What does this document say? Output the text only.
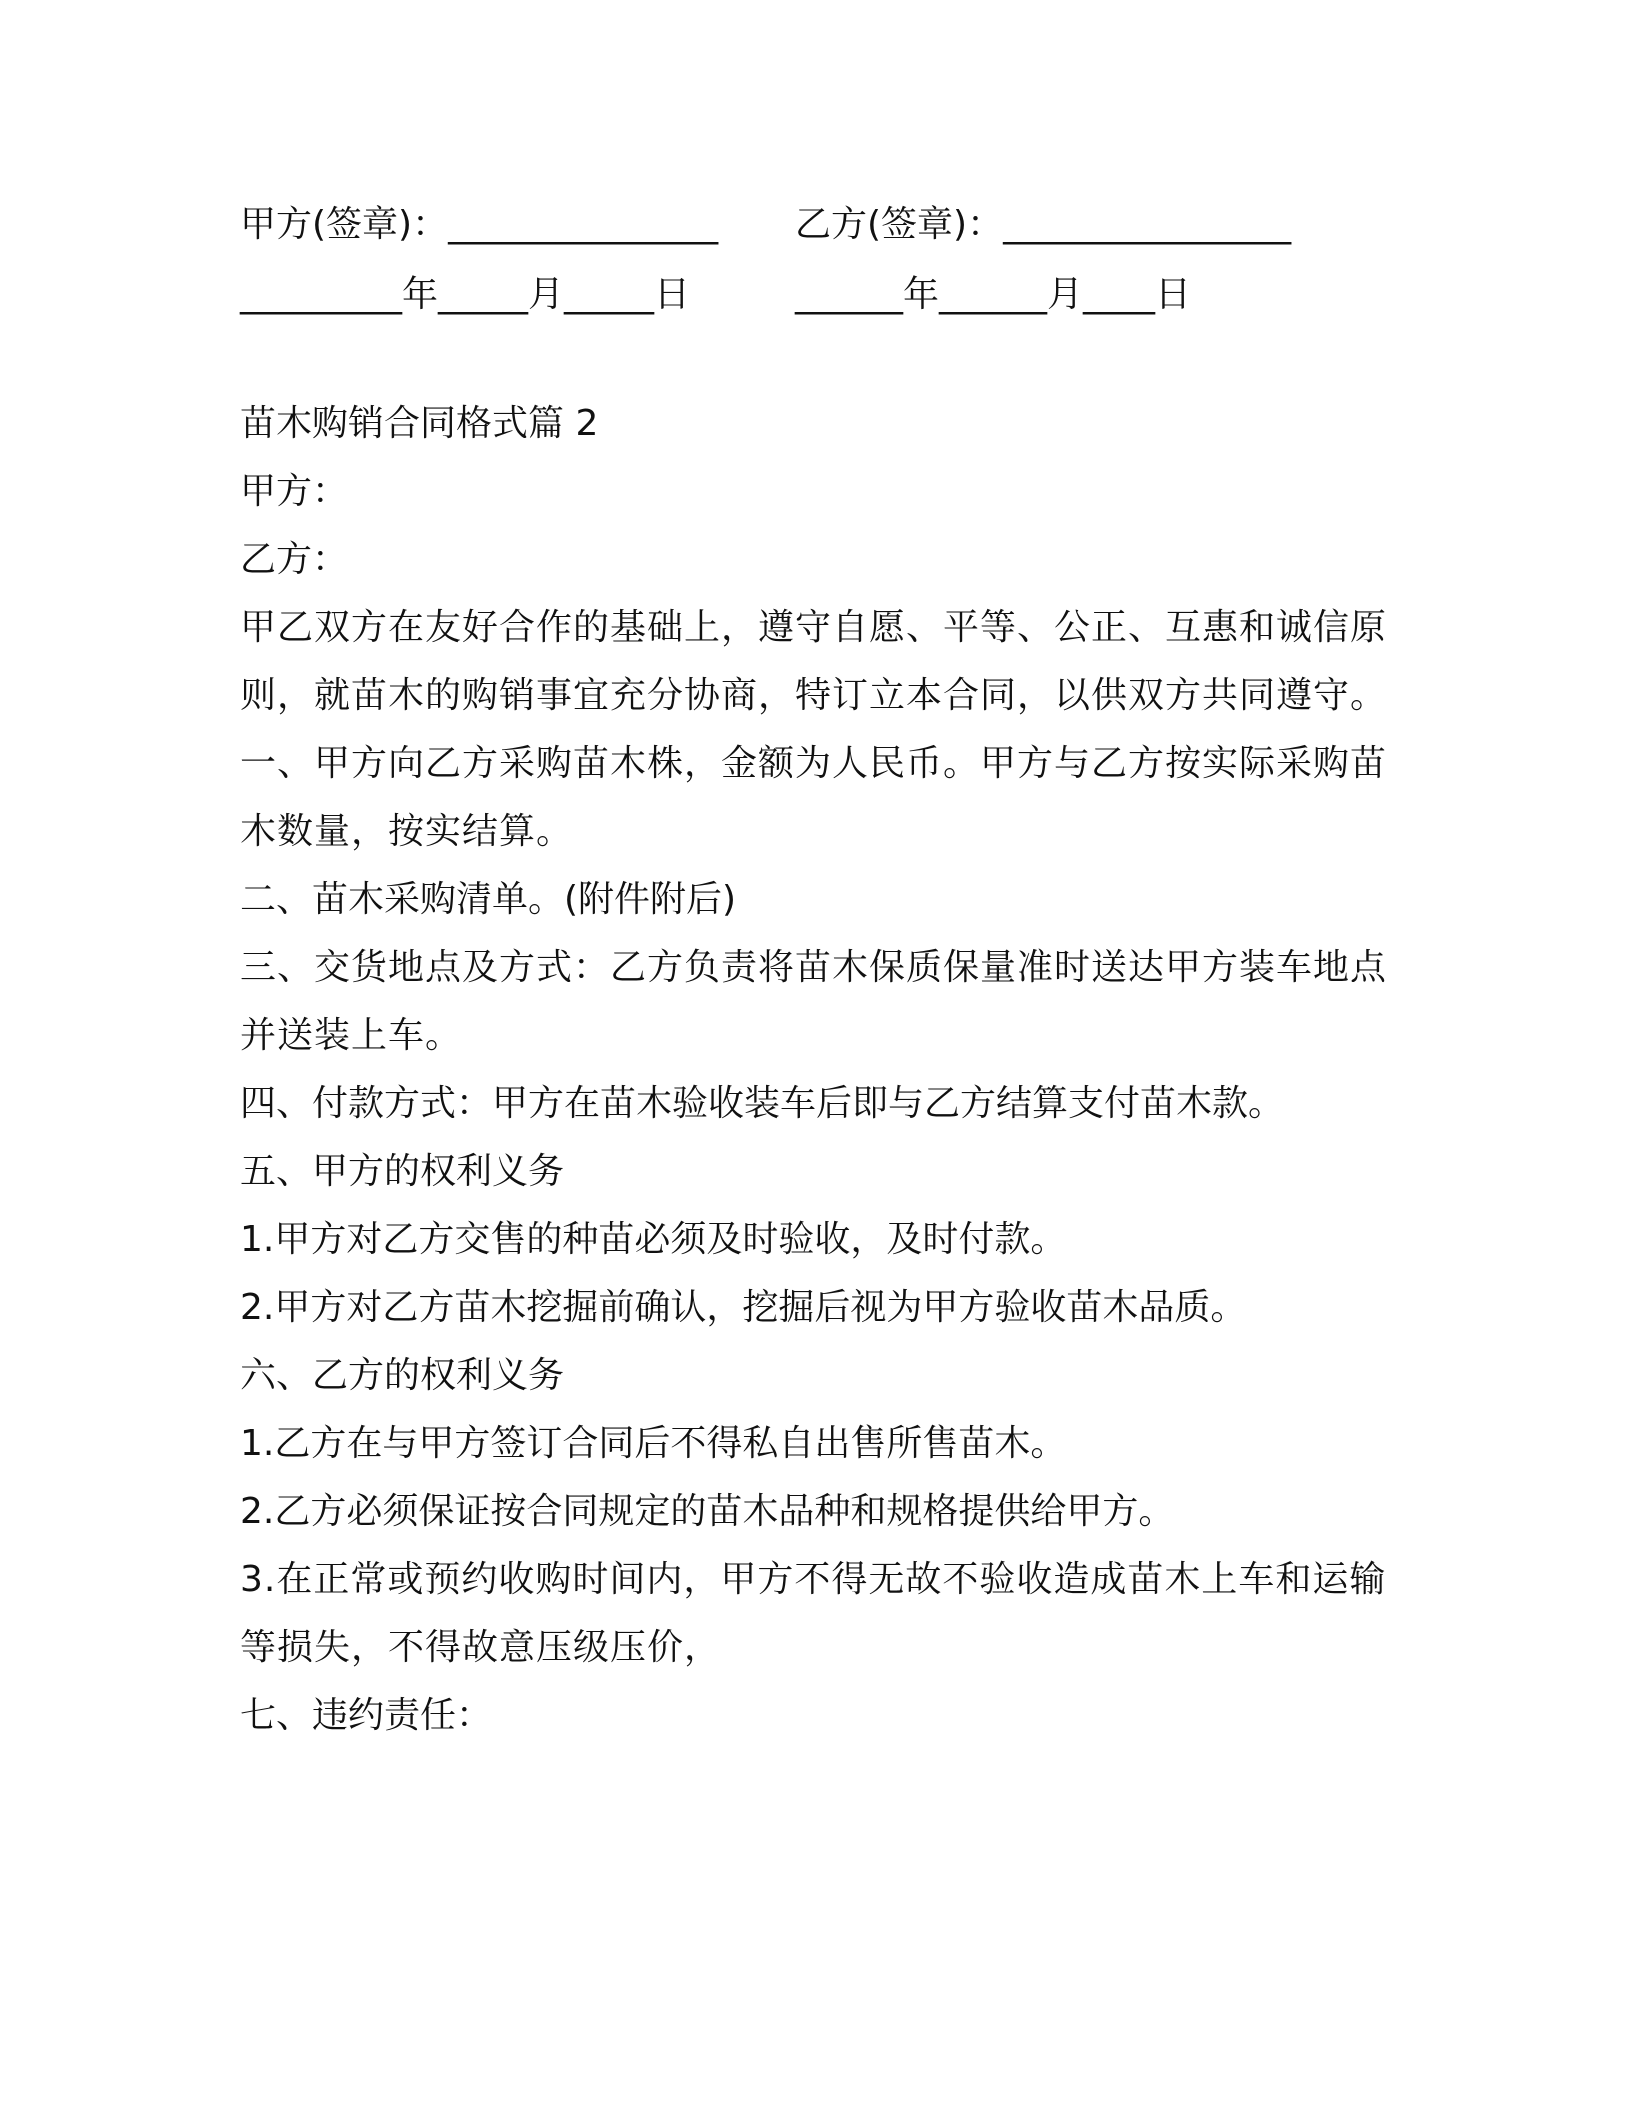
甲方(签章)：_______________	乙方(签章)：________________
_________年_____月_____日	______年______月____日
苗木购销合同格式篇 2
甲方：
乙方：
甲乙双方在友好合作的基础上，遵守自愿、平等、公正、互惠和诚信原则，就苗木的购销事宜充分协商，特订立本合同，以供双方共同遵守。
一、甲方向乙方采购苗木株，金额为人民币。甲方与乙方按实际采购苗木数量，按实结算。
二、苗木采购清单。(附件附后)
三、交货地点及方式：乙方负责将苗木保质保量准时送达甲方装车地点并送装上车。
四、付款方式：甲方在苗木验收装车后即与乙方结算支付苗木款。
五、甲方的权利义务
1.甲方对乙方交售的种苗必须及时验收，及时付款。
2.甲方对乙方苗木挖掘前确认，挖掘后视为甲方验收苗木品质。
六、乙方的权利义务
1.乙方在与甲方签订合同后不得私自出售所售苗木。
2.乙方必须保证按合同规定的苗木品种和规格提供给甲方。
3.在正常或预约收购时间内，甲方不得无故不验收造成苗木上车和运输等损失，不得故意压级压价，
七、违约责任：
